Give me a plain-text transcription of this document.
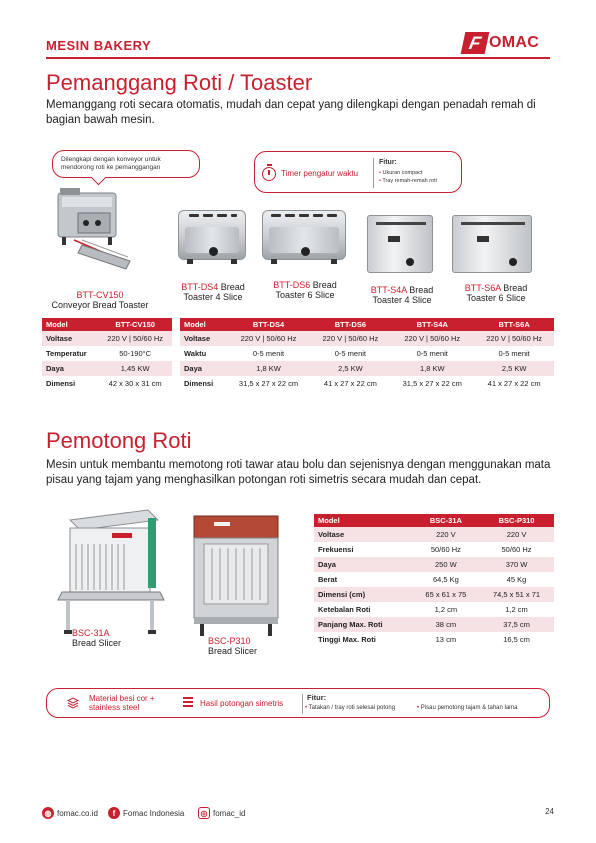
MESIN BAKERY	F OMAC
Pemanggang Roti / Toaster

Memanggang roti secara otomatis, mudah dan cepat yang dilengkapi dengan penadah remah di bagian bawah mesin.

Dilengkapi dengan konveyor untuk mendorong roti ke pemanggangan
Timer pengatur waktu
Fitur:
• Ukuran compact
• Tray remah-remah roti
BTT-CV150
Conveyor Bread Toaster
BTT-DS4 Bread
Toaster 4 Slice
BTT-DS6 Bread
Toaster 6 Slice	BTT-S4A Bread
Toaster 4 Slice
BTT-S6A Bread
Toaster 6 Slice
Model	BTT-CV150
Voltase	220 V | 50/60 Hz
Temperatur	50-190°C
Daya	1,45 KW
Dimensi	42 x 30 x 31 cm
Model	BTT-DS4	BTT-DS6	BTT-S4A	BTT-S6A
Voltase	220 V | 50/60 Hz	220 V | 50/60 Hz	220 V | 50/60 Hz	220 V | 50/60 Hz
Waktu	0-5 menit	0-5 menit	0-5 menit	0-5 menit
Daya	1,8 KW	2,5 KW	1,8 KW	2,5 KW
Dimensi	31,5 x 27 x 22 cm	41 x 27 x 22 cm	31,5 x 27 x 22 cm	41 x 27 x 22 cm
Pemotong Roti

Mesin untuk membantu memotong roti tawar atau bolu dan sejenisnya dengan menggunakan mata pisau yang tajam yang menghasilkan potongan roti simetris secara mudah dan cepat.

BSC-31A
Bread Slicer	BSC-P310
Bread Slicer
Model	BSC-31A	BSC-P310
Voltase	220 V	220 V
Frekuensi	50/60 Hz	50/60 Hz
Daya	250 W	370 W
Berat	64,5 Kg	45 Kg
Dimensi (cm)	65 x 61 x 75	74,5 x 51 x 71
Ketebalan Roti	1,2 cm	1,2 cm
Panjang Max. Roti	38 cm	37,5 cm
Tinggi Max. Roti	13 cm	16,5 cm
Material besi cor + stainless steel	Hasil potongan simetris
Fitur:
• Tatakan / tray roti selesai potong	• Pisau pemotong tajam & tahan lama
◍ fomac.co.id	f Fomac Indonesia	◎ fomac_id	24
